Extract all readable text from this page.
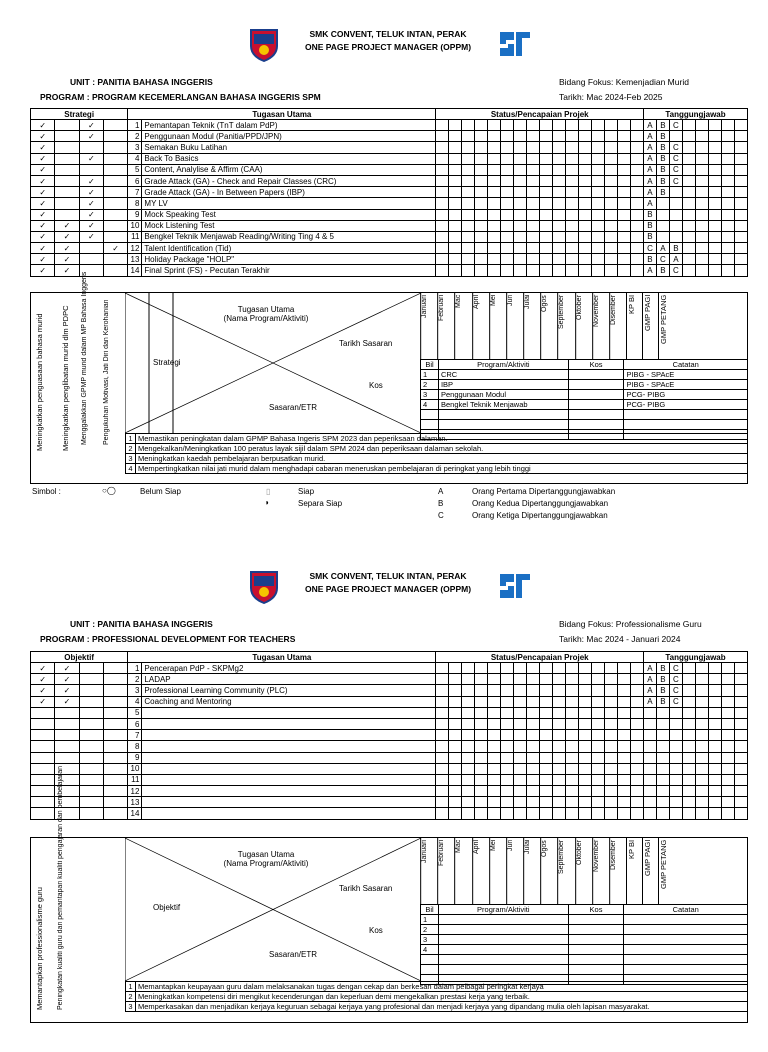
SMK CONVENT, TELUK INTAN, PERAK
ONE PAGE PROJECT MANAGER (OPPM)
UNIT : PANITIA BAHASA INGGERIS
PROGRAM : PROGRAM KECEMERLANGAN BAHASA INGGERIS SPM
Bidang Fokus: Kemenjadian Murid
Tarikh: Mac 2024-Feb 2025
Strategi				Tugasan Utama		Status/Pencapaian Projek																Tanggungjawab							
✓		✓		1	Pemantapan Teknik (TnT dalam PdP)																	A	B	C					
✓		✓		2	Penggunaan Modul (Panitia/PPD/JPN)																	A	B						
✓				3	Semakan Buku Latihan																	A	B	C					
✓		✓		4	Back To Basics																	A	B	C					
✓				5	Content, Analylise & Affirm (CAA)																	A	B	C					
✓		✓		6	Grade Attack (GA) - Check and Repair Classes (CRC)																	A	B	C					
✓		✓		7	Grade Attack (GA) - In Between Papers (IBP)																	A	B						
✓		✓		8	MY LV																	A							
✓		✓		9	Mock Speaking Test																	B							
✓	✓	✓		10	Mock Listening Test																	B							
✓	✓	✓		11	Bengkel Teknik Menjawab Reading/Writing Ting 4 & 5																	B							
✓	✓		✓	12	Talent Identification (Tid)																	C	A	B					
✓	✓			13	Holiday Package "HOLP"																	B	C	A					
✓	✓			14	Final Sprint (FS) - Pecutan Terakhir																	A	B	C					
Meningkatkan penguasaan bahasa murid Meningkatkan penglibatan murid dlm PDPC Menggalakkan GPMP murid dalam MP Bahasa Inggeris Pengukuhan Motivasi, Jati Diri dan Kerohanian	Tugasan Utama
(Nama Program/Aktiviti)
Tarikh Sasaran
Strategi
Kos
Sasaran/ETR
Januari	Februari	Mac	April	Mei	Jun	Julai	Ogos	September	Oktober	November	Disember	KP BI GMP PAGI GMP PETANG
Bil	Program/Aktiviti	Kos	Catatan
1	CRC		PIBG - SPAcE
2	IBP		PIBG - SPAcE
3	Penggunaan Modul		PCG- PIBG
4	Bengkel Teknik Menjawab		PCG- PIBG

1	Memastikan peningkatan dalam GPMP Bahasa Ingeris SPM 2023 dan peperiksaan dalaman.
2	Mengekalkan/Meningkatkan 100 peratus layak sijil dalam SPM 2024 dan peperiksaan dalaman sekolah.
3	Meningkatkan kaedah pembelajaran berpusatkan murid.
4	Mempertingkatkan nilai jati murid dalam menghadapi cabaran meneruskan pembelajaran di peringkat yang lebih tinggi
Simbol :	○◯	Belum Siap	▯	Siap
◑	Separa Siap
A	Orang Pertama Dipertanggungjawabkan
B	Orang Kedua Dipertanggungjawabkan
C	Orang Ketiga Dipertanggungjawabkan
SMK CONVENT, TELUK INTAN, PERAK
ONE PAGE PROJECT MANAGER (OPPM)
UNIT : PANITIA BAHASA INGGERIS
PROGRAM : PROFESSIONAL DEVELOPMENT FOR TEACHERS
Bidang Fokus: Professionalisme Guru
Tarikh: Mac 2024 - Januari 2024
Objektif				Tugasan Utama		Status/Pencapaian Projek																Tanggungjawab							
✓	✓			1	Pencerapan PdP - SKPMg2																	A	B	C					
✓	✓			2	LADAP																	A	B	C					
✓	✓			3	Professional Learning Community (PLC)																	A	B	C					
✓	✓			4	Coaching and Mentoring																	A	B	C					
				5																									
				6																									
				7																									
				8																									
				9																									
				10																									
				11																									
				12																									
				13																									
				14																									
Memantapkan professionalisme guru Peningkatan kualiti guru dan pemantapan kualiti pengajaran dan pembelajaran	Tugasan Utama
(Nama Program/Aktiviti)
Tarikh Sasaran
Objektif
Kos
Sasaran/ETR
Januari	Februari	Mac	April	Mei	Jun	Julai	Ogos	September	Oktober	November	Disember	KP BI GMP PAGI GMP PETANG
Bil	Program/Aktiviti	Kos	Catatan
1			
2			
3			
4			

1	Memantapkan keupayaan guru dalam melaksanakan tugas dengan cekap dan berkesan dalam pelbagai peringkat kerjaya
2	Meningkatkan kompetensi diri mengikut kecenderungan dan keperluan demi mengekalkan prestasi kerja yang terbaik.
3	Memperkasakan dan menjadikan kerjaya keguruan sebagai kerjaya yang profesional dan menjadi kerjaya yang dipandang mulia oleh lapisan masyarakat.
